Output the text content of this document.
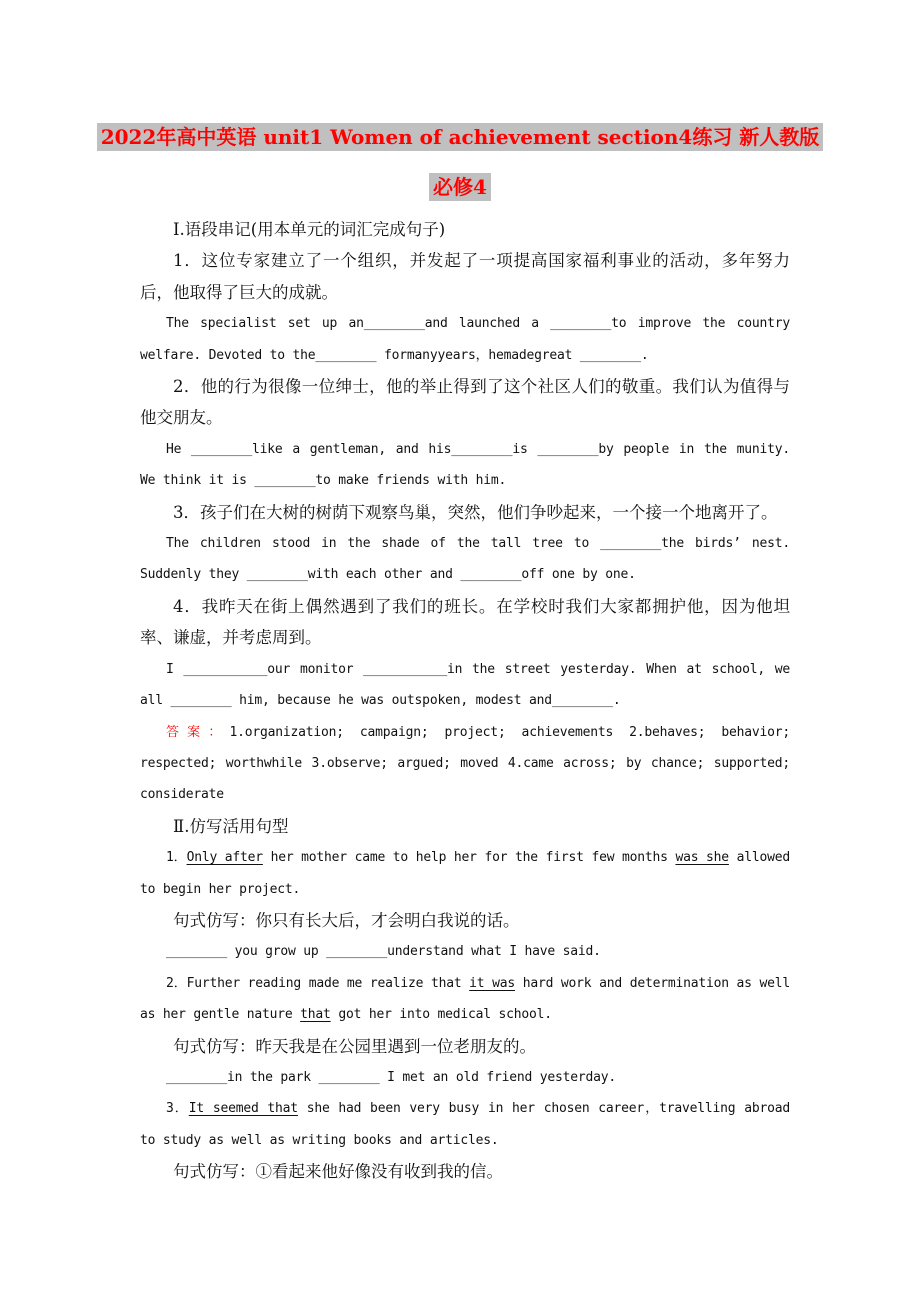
2022年高中英语 unit1 Women of achievement section4练习 新人教版
必修4

Ⅰ.语段串记(用本单元的词汇完成句子)

1．这位专家建立了一个组织，并发起了一项提高国家福利事业的活动，多年努力后，他取得了巨大的成就。

The specialist set up an________and launched a ________to improve the country welfare. Devoted to the________ formanyyears，hemadegreat ________.

2．他的行为很像一位绅士，他的举止得到了这个社区人们的敬重。我们认为值得与他交朋友。

He ________like a gentleman, and his________is ________by people in the munity. We think it is ________to make friends with him.

3．孩子们在大树的树荫下观察鸟巢，突然，他们争吵起来，一个接一个地离开了。

The children stood in the shade of the tall tree to ________the birds’ nest. Suddenly they ________with each other and ________off one by one.

4．我昨天在街上偶然遇到了我们的班长。在学校时我们大家都拥护他，因为他坦率、谦虚，并考虑周到。

I ___________our monitor ___________in the street yesterday. When at school, we all ________ him, because he was outspoken, modest and________.

答案：1.organization; campaign; project; achievements 2.behaves; behavior; respected; worthwhile 3.observe; argued; moved 4.came across; by chance; supported; considerate

Ⅱ.仿写活用句型

1．Only after her mother came to help her for the first few months was she allowed to begin her project.

句式仿写：你只有长大后，才会明白我说的话。

________ you grow up ________understand what I have said.

2．Further reading made me realize that it was hard work and determination as well as her gentle nature that got her into medical school.

句式仿写：昨天我是在公园里遇到一位老朋友的。

________in the park ________ I met an old friend yesterday.

3．It seemed that she had been very busy in her chosen career，travelling abroad to study as well as writing books and articles.

句式仿写：①看起来他好像没有收到我的信。
